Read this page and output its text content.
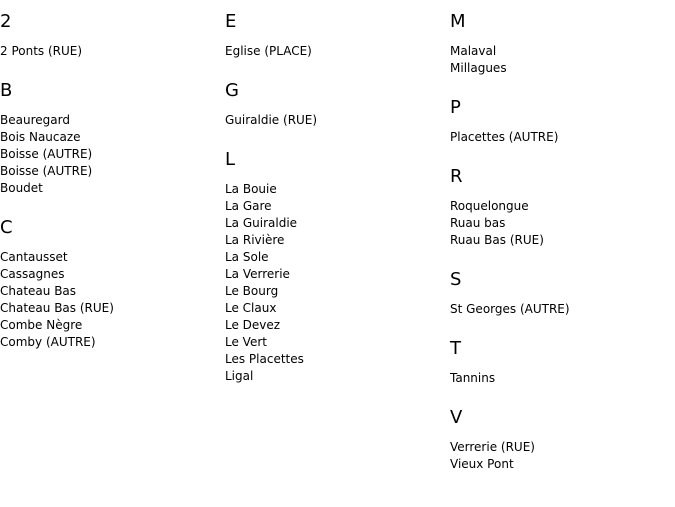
2
2 Ponts (RUE)
B
Beauregard
Bois Naucaze
Boisse (AUTRE)
Boisse (AUTRE)
Boudet
C
Cantausset
Cassagnes
Chateau Bas
Chateau Bas (RUE)
Combe Nègre
Comby (AUTRE)
E
Eglise (PLACE)
G
Guiraldie (RUE)
L
La Bouie
La Gare
La Guiraldie
La Rivière
La Sole
La Verrerie
Le Bourg
Le Claux
Le Devez
Le Vert
Les Placettes
Ligal
M
Malaval
Millagues
P
Placettes (AUTRE)
R
Roquelongue
Ruau bas
Ruau Bas (RUE)
S
St Georges (AUTRE)
T
Tannins
V
Verrerie (RUE)
Vieux Pont
